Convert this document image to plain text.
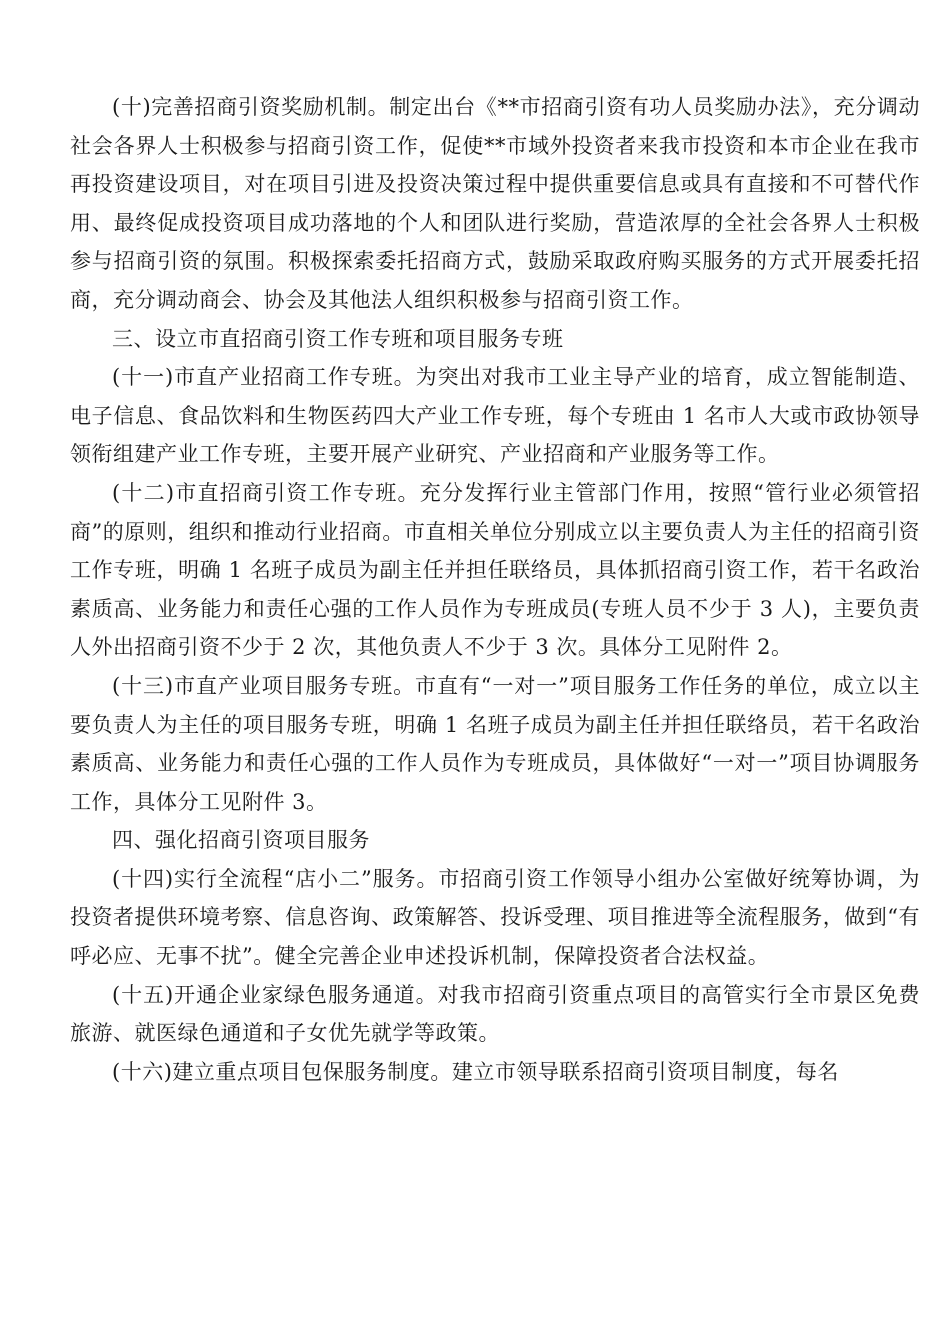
(十)完善招商引资奖励机制。制定出台《**市招商引资有功人员奖励办法》，充分调动社会各界人士积极参与招商引资工作，促使**市域外投资者来我市投资和本市企业在我市再投资建设项目，对在项目引进及投资决策过程中提供重要信息或具有直接和不可替代作用、最终促成投资项目成功落地的个人和团队进行奖励，营造浓厚的全社会各界人士积极参与招商引资的氛围。积极探索委托招商方式，鼓励采取政府购买服务的方式开展委托招商，充分调动商会、协会及其他法人组织积极参与招商引资工作。

三、设立市直招商引资工作专班和项目服务专班

(十一)市直产业招商工作专班。为突出对我市工业主导产业的培育，成立智能制造、电子信息、食品饮料和生物医药四大产业工作专班，每个专班由 1 名市人大或市政协领导领衔组建产业工作专班，主要开展产业研究、产业招商和产业服务等工作。

(十二)市直招商引资工作专班。充分发挥行业主管部门作用，按照“管行业必须管招商”的原则，组织和推动行业招商。市直相关单位分别成立以主要负责人为主任的招商引资工作专班，明确 1 名班子成员为副主任并担任联络员，具体抓招商引资工作，若干名政治素质高、业务能力和责任心强的工作人员作为专班成员(专班人员不少于 3 人)，主要负责人外出招商引资不少于 2 次，其他负责人不少于 3 次。具体分工见附件 2。

(十三)市直产业项目服务专班。市直有“一对一”项目服务工作任务的单位，成立以主要负责人为主任的项目服务专班，明确 1 名班子成员为副主任并担任联络员，若干名政治素质高、业务能力和责任心强的工作人员作为专班成员，具体做好“一对一”项目协调服务工作，具体分工见附件 3。

四、强化招商引资项目服务

(十四)实行全流程“店小二”服务。市招商引资工作领导小组办公室做好统筹协调，为投资者提供环境考察、信息咨询、政策解答、投诉受理、项目推进等全流程服务，做到“有呼必应、无事不扰”。健全完善企业申述投诉机制，保障投资者合法权益。

(十五)开通企业家绿色服务通道。对我市招商引资重点项目的高管实行全市景区免费旅游、就医绿色通道和子女优先就学等政策。

(十六)建立重点项目包保服务制度。建立市领导联系招商引资项目制度，每名
